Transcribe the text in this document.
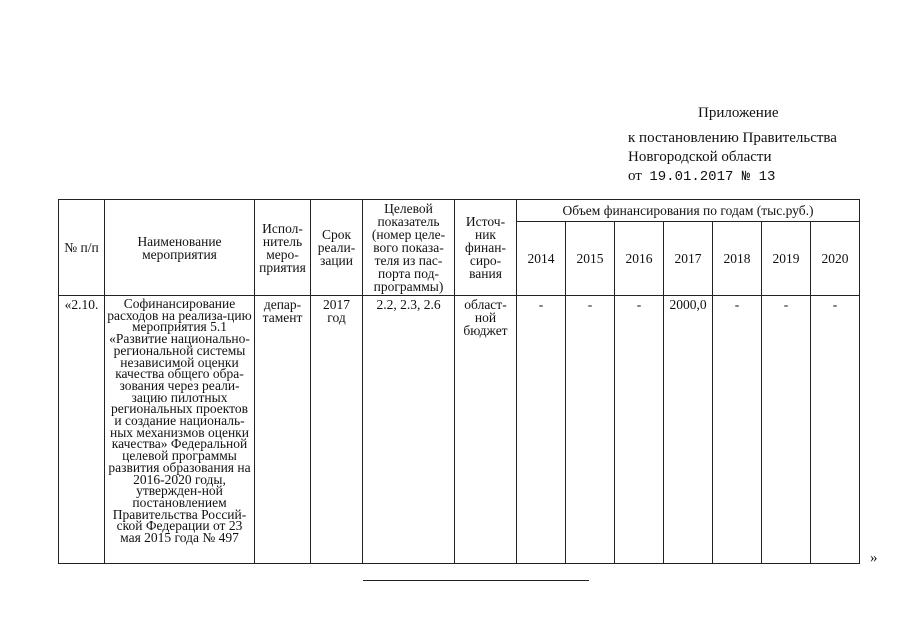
Приложение
к постановлению Правительства
Новгородской области
от 19.01.2017 № 13
№ п/п	Наименование мероприятия	Испол-нитель меро-приятия	Срок реали-зации	Целевой показатель (номер целе-вого показа-теля из пас-порта под-программы)	Источ-ник финан-сиро-вания	Объем финансирования по годам (тыс.руб.)						
						2014	2015	2016	2017	2018	2019	2020
«2.10.	Софинансирование расходов на реализа-цию мероприятия 5.1 «Развитие национально-региональной системы независимой оценки качества общего обра-зования через реали-зацию пилотных региональных проектов и создание националь-ных механизмов оценки качества» Федеральной целевой программы развития образования на 2016-2020 годы, утвержден-ной постановлением Правительства Россий-ской Федерации от 23 мая 2015 года № 497	депар-тамент	2017 год	2.2, 2.3, 2.6	област-ной бюджет	-	-	-	2000,0	-	-	-
»
